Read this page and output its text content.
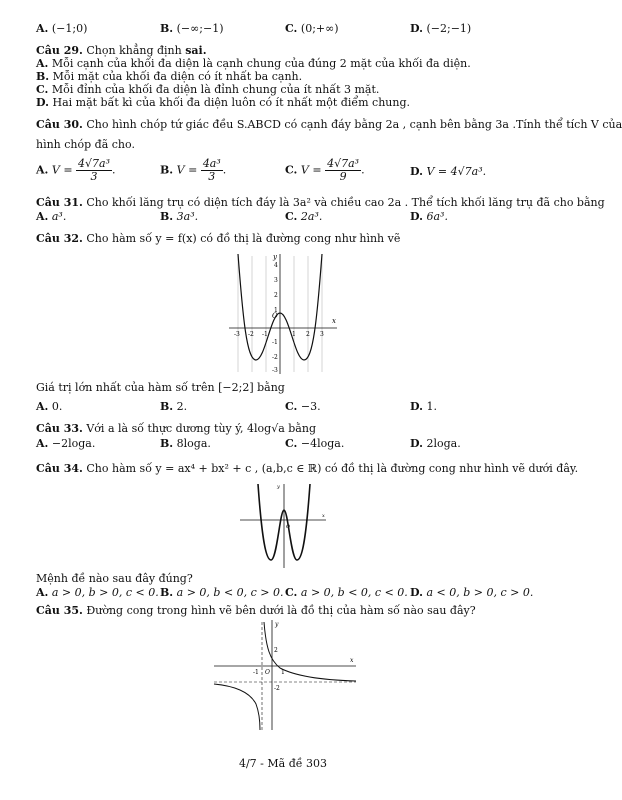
A. (−1;0)	B. (−∞;−1)	C. (0;+∞)	D. (−2;−1)
Câu 29. Chọn khẳng định sai.
A. Mỗi cạnh của khối đa diện là cạnh chung của đúng 2 mặt của khối đa diện.
B. Mỗi mặt của khối đa diện có ít nhất ba cạnh.
C. Mỗi đỉnh của khối đa diện là đỉnh chung của ít nhất 3 mặt.
D. Hai mặt bất kì của khối đa diện luôn có ít nhất một điểm chung.
Câu 30. Cho hình chóp tứ giác đều S.ABCD có cạnh đáy bằng 2a , cạnh bên bằng 3a .Tính thể tích V của
hình chóp đã cho.
A. $V = \frac{\text{4√7a³}}{3}$ .	B. $V = \frac{\text{4a³}}{3}$ .	C. $V = \frac{\text{4√7a³}}{9}$ .	D. V = 4√7a³.
Câu 31. Cho khối lăng trụ có diện tích đáy là 3a² và chiều cao 2a . Thể tích khối lăng trụ đã cho bằng
A. a³.	B. 3a³.	C. 2a³.	D. 6a³.
Câu 32. Cho hàm số y = f(x) có đồ thị là đường cong như hình vẽ
x
y
O
-3 -2 -1	1 2 3
4
3
2
1
-1
-2
-3
Giá trị lớn nhất của hàm số trên [−2;2] bằng
A. 0.	B. 2.	C. −3.	D. 1.
Câu 33. Với a là số thực dương tùy ý, 4log√a bằng
A. −2loga.	B. 8loga.	C. −4loga.	D. 2loga.
Câu 34. Cho hàm số y = ax⁴ + bx² + c , (a,b,c ∈ ℝ) có đồ thị là đường cong như hình vẽ dưới đây.
x
y
O
Mệnh đề nào sau đây đúng?
A. a > 0, b > 0, c < 0. B. a > 0, b < 0, c > 0. C. a > 0, b < 0, c < 0. D. a < 0, b > 0, c > 0.
Câu 35. Đường cong trong hình vẽ bên dưới là đồ thị của hàm số nào sau đây?
x
y
O
2
-1	1
-2
4/7 - Mã đề 303
